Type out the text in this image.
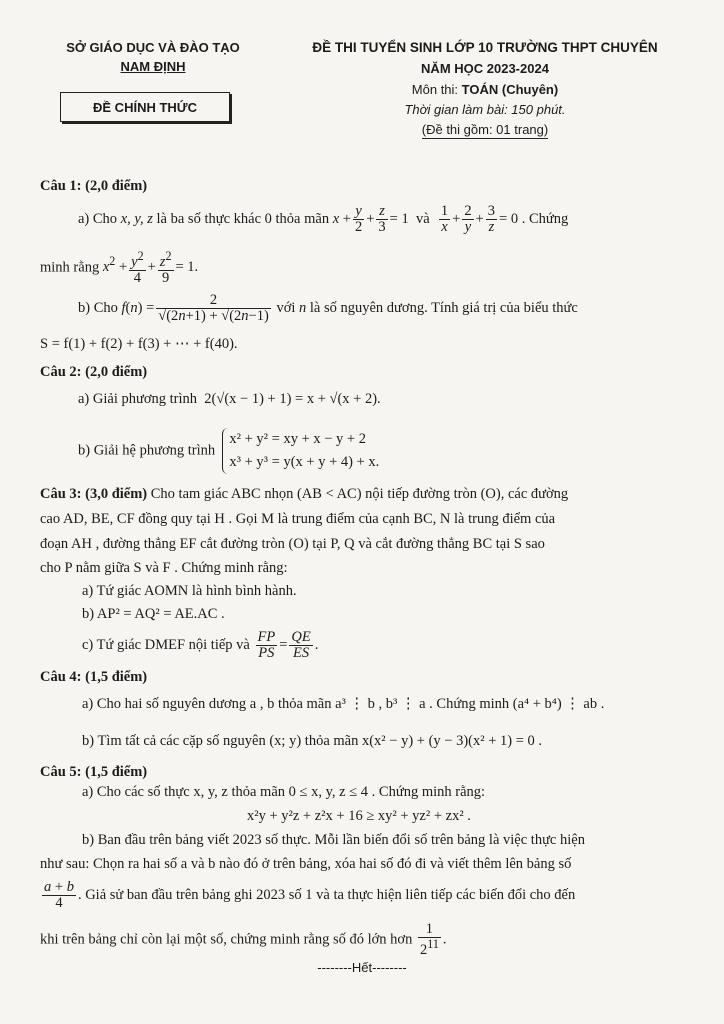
SỞ GIÁO DỤC VÀ ĐÀO TẠO
NAM ĐỊNH
ĐỀ CHÍNH THỨC
ĐỀ THI TUYỂN SINH LỚP 10 TRƯỜNG THPT CHUYÊN
NĂM HỌC 2023-2024
Môn thi: TOÁN (Chuyên)
Thời gian làm bài: 150 phút.
(Đề thi gồm: 01 trang)
Câu 1: (2,0 điểm)
a) Cho x, y, z là ba số thực khác 0 thỏa mãn $x + \frac{y}{2} + \frac{z}{3} = 1$  và $\frac{1}{x} + \frac{2}{y} + \frac{3}{z} = 0$ . Chứng
minh rằng $x^2 + \frac{y^2}{4} + \frac{z^2}{9} = 1$.
b) Cho $f(n) = \frac{2}{√(2n+1) + √(2n-1)}$ với n là số nguyên dương. Tính giá trị của biểu thức
S = f(1) + f(2) + f(3) + ⋯ + f(40).
Câu 2: (2,0 điểm)
a) Giải phương trình 2(√(x − 1) + 1) = x + √(x + 2).
b) Giải hệ phương trình
x² + y² = xy + x − y + 2
x³ + y³ = y(x + y + 4) + x.
Câu 3: (3,0 điểm) Cho tam giác ABC nhọn (AB < AC) nội tiếp đường tròn (O), các đường
cao AD, BE, CF đồng quy tại H . Gọi M là trung điểm của cạnh BC, N là trung điểm của
đoạn AH , đường thẳng EF cắt đường tròn (O) tại P, Q và cắt đường thẳng BC tại S sao
cho P nằm giữa S và F . Chứng minh rằng:
a) Tứ giác AOMN là hình bình hành.
b) AP² = AQ² = AE.AC .
c) Tứ giác DMEF nội tiếp và $\frac{FP}{PS} = \frac{QE}{ES}$ .
Câu 4: (1,5 điểm)
a) Cho hai số nguyên dương a , b thỏa mãn a³ ⋮ b , b³ ⋮ a . Chứng minh (a⁴ + b⁴) ⋮ ab .
b) Tìm tất cả các cặp số nguyên (x; y) thỏa mãn x(x² − y) + (y − 3)(x² + 1) = 0 .
Câu 5: (1,5 điểm)
a) Cho các số thực x, y, z thỏa mãn 0 ≤ x, y, z ≤ 4 . Chứng minh rằng:
x²y + y²z + z²x + 16 ≥ xy² + yz² + zx² .
b) Ban đầu trên bảng viết 2023 số thực. Mỗi lần biến đổi số trên bảng là việc thực hiện
như sau: Chọn ra hai số a và b nào đó ở trên bảng, xóa hai số đó đi và viết thêm lên bảng số
$\frac{a + b}{4}$ . Giả sử ban đầu trên bảng ghi 2023 số 1 và ta thực hiện liên tiếp các biến đổi cho đến
khi trên bảng chỉ còn lại một số, chứng minh rằng số đó lớn hơn $\frac{1}{2^{11}}$ .
--------Hết--------
